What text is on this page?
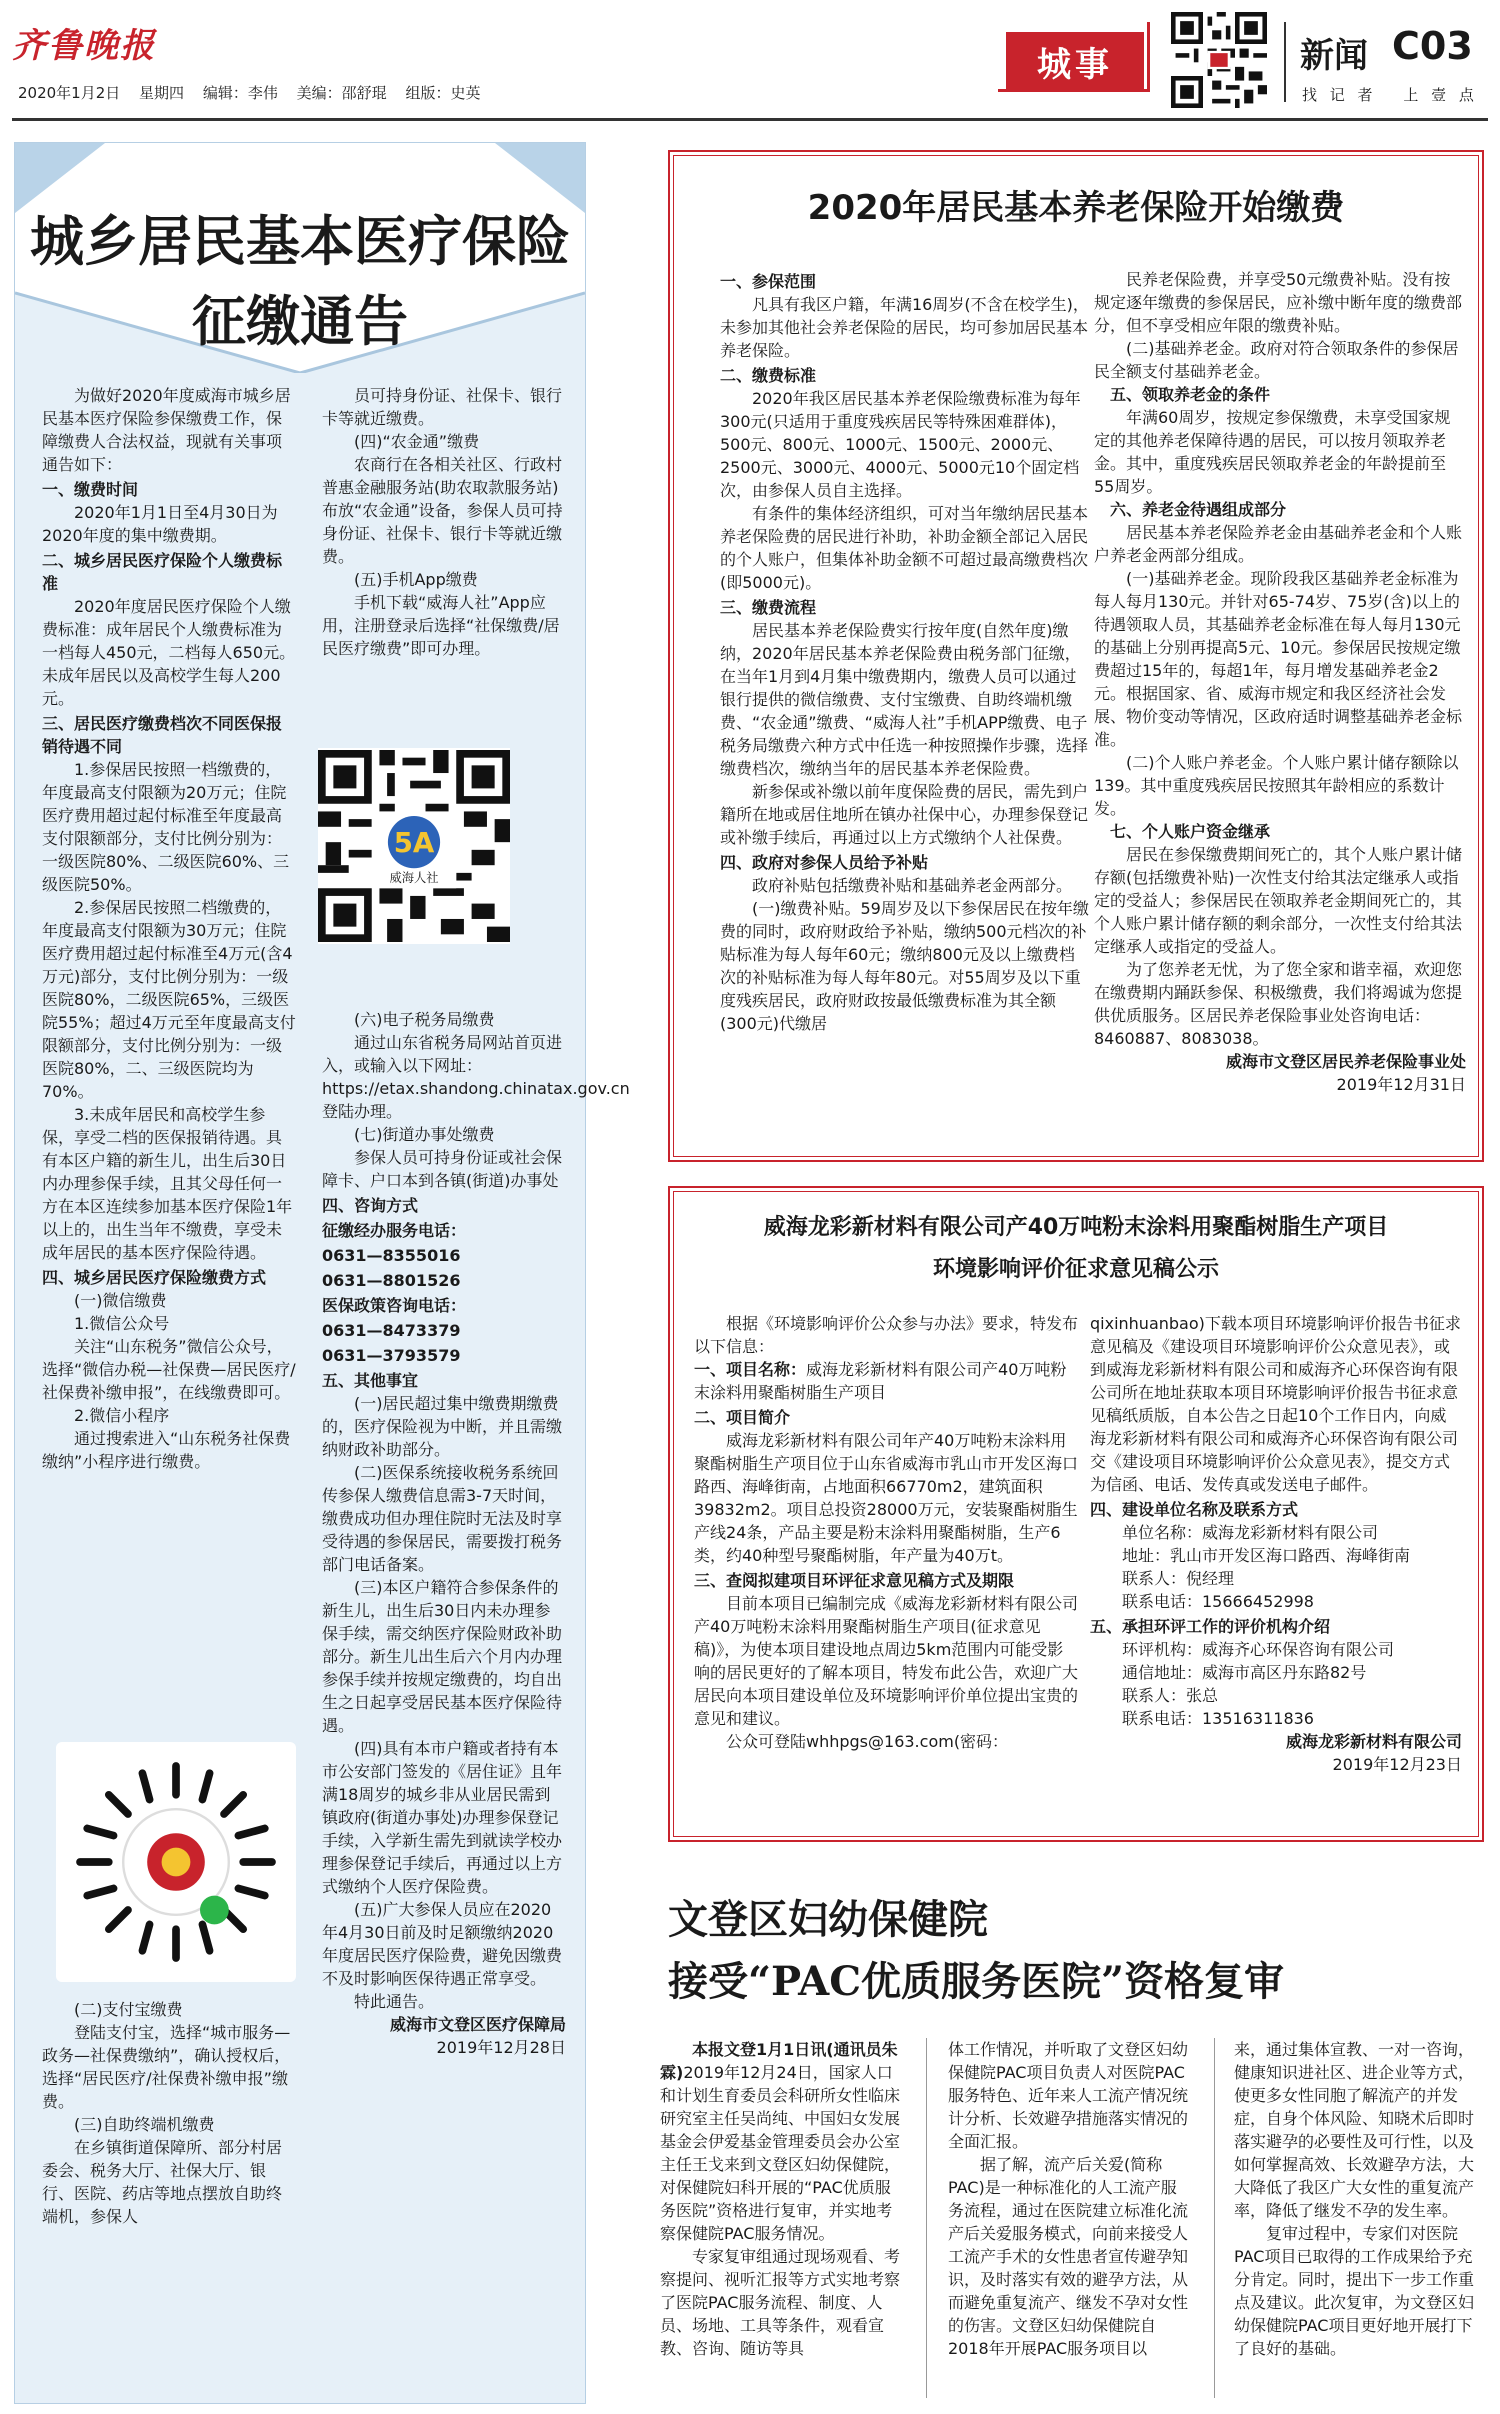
齐鲁晚报
2020年1月2日 星期四 编辑：李伟 美编：邵舒琨 组版：史英
城事	新闻 C03
找 记 者 上 壹 点
城乡居民基本医疗保险
征缴通告

为做好2020年度威海市城乡居民基本医疗保险参保缴费工作，保障缴费人合法权益，现就有关事项通告如下：

一、缴费时间

2020年1月1日至4月30日为2020年度的集中缴费期。

二、城乡居民医疗保险个人缴费标准

2020年度居民医疗保险个人缴费标准：成年居民个人缴费标准为一档每人450元，二档每人650元。未成年居民以及高校学生每人200元。

三、居民医疗缴费档次不同医保报销待遇不同

1.参保居民按照一档缴费的，年度最高支付限额为20万元；住院医疗费用超过起付标准至年度最高支付限额部分，支付比例分别为：一级医院80%、二级医院60%、三级医院50%。

2.参保居民按照二档缴费的，年度最高支付限额为30万元；住院医疗费用超过起付标准至4万元(含4万元)部分，支付比例分别为：一级医院80%，二级医院65%，三级医院55%；超过4万元至年度最高支付限额部分，支付比例分别为：一级医院80%，二、三级医院均为70%。

3.未成年居民和高校学生参保，享受二档的医保报销待遇。具有本区户籍的新生儿，出生后30日内办理参保手续，且其父母任何一方在本区连续参加基本医疗保险1年以上的，出生当年不缴费，享受未成年居民的基本医疗保险待遇。

四、城乡居民医疗保险缴费方式

(一)微信缴费

1.微信公众号

关注“山东税务”微信公众号，选择“微信办税—社保费—居民医疗/社保费补缴申报”，在线缴费即可。

2.微信小程序

通过搜索进入“山东税务社保费缴纳”小程序进行缴费。

员可持身份证、社保卡、银行卡等就近缴费。

(四)“农金通”缴费

农商行在各相关社区、行政村普惠金融服务站(助农取款服务站)布放“农金通”设备，参保人员可持身份证、社保卡、银行卡等就近缴费。

(五)手机App缴费

手机下载“威海人社”App应用，注册登录后选择“社保缴费/居民医疗缴费”即可办理。

5A
威海人社

(六)电子税务局缴费

通过山东省税务局网站首页进入，或输入以下网址：https://etax.shandong.chinatax.gov.cn登陆办理。

(七)街道办事处缴费

参保人员可持身份证或社会保障卡、户口本到各镇(街道)办事处

四、咨询方式

征缴经办服务电话：

0631—8355016

0631—8801526

医保政策咨询电话：

0631—8473379

0631—3793579

五、其他事宜

(一)居民超过集中缴费期缴费的，医疗保险视为中断，并且需缴纳财政补助部分。

(二)医保系统接收税务系统回传参保人缴费信息需3-7天时间，缴费成功但办理住院时无法及时享受待遇的参保居民，需要拨打税务部门电话备案。

(三)本区户籍符合参保条件的新生儿，出生后30日内未办理参保手续，需交纳医疗保险财政补助部分。新生儿出生后六个月内办理参保手续并按规定缴费的，均自出生之日起享受居民基本医疗保险待遇。

(四)具有本市户籍或者持有本市公安部门签发的《居住证》且年满18周岁的城乡非从业居民需到镇政府(街道办事处)办理参保登记手续，入学新生需先到就读学校办理参保登记手续后，再通过以上方式缴纳个人医疗保险费。

(五)广大参保人员应在2020年4月30日前及时足额缴纳2020年度居民医疗保险费，避免因缴费不及时影响医保待遇正常享受。

特此通告。

威海市文登区医疗保障局

2019年12月28日

(二)支付宝缴费

登陆支付宝，选择“城市服务—政务—社保费缴纳”，确认授权后，选择“居民医疗/社保费补缴申报”缴费。

(三)自助终端机缴费

在乡镇街道保障所、部分村居委会、税务大厅、社保大厅、银行、医院、药店等地点摆放自助终端机，参保人

2020年居民基本养老保险开始缴费

一、参保范围

凡具有我区户籍，年满16周岁(不含在校学生)，未参加其他社会养老保险的居民，均可参加居民基本养老保险。

二、缴费标准

2020年我区居民基本养老保险缴费标准为每年300元(只适用于重度残疾居民等特殊困难群体)，500元、800元、1000元、1500元、2000元、2500元、3000元、4000元、5000元10个固定档次，由参保人员自主选择。

有条件的集体经济组织，可对当年缴纳居民基本养老保险费的居民进行补助，补助金额全部记入居民的个人账户，但集体补助金额不可超过最高缴费档次(即5000元)。

三、缴费流程

居民基本养老保险费实行按年度(自然年度)缴纳，2020年居民基本养老保险费由税务部门征缴，在当年1月到4月集中缴费期内，缴费人员可以通过银行提供的微信缴费、支付宝缴费、自助终端机缴费、“农金通”缴费、“威海人社”手机APP缴费、电子税务局缴费六种方式中任选一种按照操作步骤，选择缴费档次，缴纳当年的居民基本养老保险费。

新参保或补缴以前年度保险费的居民，需先到户籍所在地或居住地所在镇办社保中心，办理参保登记或补缴手续后，再通过以上方式缴纳个人社保费。

四、政府对参保人员给予补贴

政府补贴包括缴费补贴和基础养老金两部分。

(一)缴费补贴。59周岁及以下参保居民在按年缴费的同时，政府财政给予补贴，缴纳500元档次的补贴标准为每人每年60元；缴纳800元及以上缴费档次的补贴标准为每人每年80元。对55周岁及以下重度残疾居民，政府财政按最低缴费标准为其全额(300元)代缴居

民养老保险费，并享受50元缴费补贴。没有按规定逐年缴费的参保居民，应补缴中断年度的缴费部分，但不享受相应年限的缴费补贴。

(二)基础养老金。政府对符合领取条件的参保居民全额支付基础养老金。

五、领取养老金的条件

年满60周岁，按规定参保缴费，未享受国家规定的其他养老保障待遇的居民，可以按月领取养老金。其中，重度残疾居民领取养老金的年龄提前至55周岁。

六、养老金待遇组成部分

居民基本养老保险养老金由基础养老金和个人账户养老金两部分组成。

(一)基础养老金。现阶段我区基础养老金标准为每人每月130元。并针对65-74岁、75岁(含)以上的待遇领取人员，其基础养老金标准在每人每月130元的基础上分别再提高5元、10元。参保居民按规定缴费超过15年的，每超1年，每月增发基础养老金2元。根据国家、省、威海市规定和我区经济社会发展、物价变动等情况，区政府适时调整基础养老金标准。

(二)个人账户养老金。个人账户累计储存额除以139。其中重度残疾居民按照其年龄相应的系数计发。

七、个人账户资金继承

居民在参保缴费期间死亡的，其个人账户累计储存额(包括缴费补贴)一次性支付给其法定继承人或指定的受益人；参保居民在领取养老金期间死亡的，其个人账户累计储存额的剩余部分，一次性支付给其法定继承人或指定的受益人。

为了您养老无忧，为了您全家和谐幸福，欢迎您在缴费期内踊跃参保、积极缴费，我们将竭诚为您提供优质服务。区居民养老保险事业处咨询电话：8460887、8083038。

威海市文登区居民养老保险事业处

2019年12月31日

威海龙彩新材料有限公司产40万吨粉末涂料用聚酯树脂生产项目
环境影响评价征求意见稿公示

根据《环境影响评价公众参与办法》要求，特发布以下信息：

一、项目名称：威海龙彩新材料有限公司产40万吨粉末涂料用聚酯树脂生产项目

二、项目简介

威海龙彩新材料有限公司年产40万吨粉末涂料用聚酯树脂生产项目位于山东省威海市乳山市开发区海口路西、海峰街南，占地面积66770m2，建筑面积39832m2。项目总投资28000万元，安装聚酯树脂生产线24条，产品主要是粉末涂料用聚酯树脂，生产6类，约40种型号聚酯树脂，年产量为40万t。

三、查阅拟建项目环评征求意见稿方式及期限

目前本项目已编制完成《威海龙彩新材料有限公司产40万吨粉末涂料用聚酯树脂生产项目(征求意见稿)》，为使本项目建设地点周边5km范围内可能受影响的居民更好的了解本项目，特发布此公告，欢迎广大居民向本项目建设单位及环境影响评价单位提出宝贵的意见和建议。

公众可登陆whhpgs@163.com(密码：

qixinhuanbao)下载本项目环境影响评价报告书征求意见稿及《建设项目环境影响评价公众意见表》，或到威海龙彩新材料有限公司和威海齐心环保咨询有限公司所在地址获取本项目环境影响评价报告书征求意见稿纸质版，自本公告之日起10个工作日内，向威海龙彩新材料有限公司和威海齐心环保咨询有限公司交《建设项目环境影响评价公众意见表》，提交方式为信函、电话、发传真或发送电子邮件。

四、建设单位名称及联系方式

单位名称：威海龙彩新材料有限公司

地址：乳山市开发区海口路西、海峰街南

联系人：倪经理

联系电话：15666452998

五、承担环评工作的评价机构介绍

环评机构：威海齐心环保咨询有限公司

通信地址：威海市高区丹东路82号

联系人：张总

联系电话：13516311836

威海龙彩新材料有限公司

2019年12月23日

文登区妇幼保健院
接受“PAC优质服务医院”资格复审

本报文登1月1日讯(通讯员朱霖)2019年12月24日，国家人口和计划生育委员会科研所女性临床研究室主任吴尚纯、中国妇女发展基金会伊爱基金管理委员会办公室主任王戈来到文登区妇幼保健院，对保健院妇科开展的“PAC优质服务医院”资格进行复审，并实地考察保健院PAC服务情况。

专家复审组通过现场观看、考察提问、视听汇报等方式实地考察了医院PAC服务流程、制度、人员、场地、工具等条件，观看宣教、咨询、随访等具

体工作情况，并听取了文登区妇幼保健院PAC项目负责人对医院PAC服务特色、近年来人工流产情况统计分析、长效避孕措施落实情况的全面汇报。

据了解，流产后关爱(简称PAC)是一种标准化的人工流产服务流程，通过在医院建立标准化流产后关爱服务模式，向前来接受人工流产手术的女性患者宣传避孕知识，及时落实有效的避孕方法，从而避免重复流产、继发不孕对女性的伤害。文登区妇幼保健院自2018年开展PAC服务项目以

来，通过集体宣教、一对一咨询，健康知识进社区、进企业等方式，使更多女性同胞了解流产的并发症，自身个体风险、知晓术后即时落实避孕的必要性及可行性，以及如何掌握高效、长效避孕方法，大大降低了我区广大女性的重复流产率，降低了继发不孕的发生率。

复审过程中，专家们对医院PAC项目已取得的工作成果给予充分肯定。同时，提出下一步工作重点及建议。此次复审，为文登区妇幼保健院PAC项目更好地开展打下了良好的基础。
